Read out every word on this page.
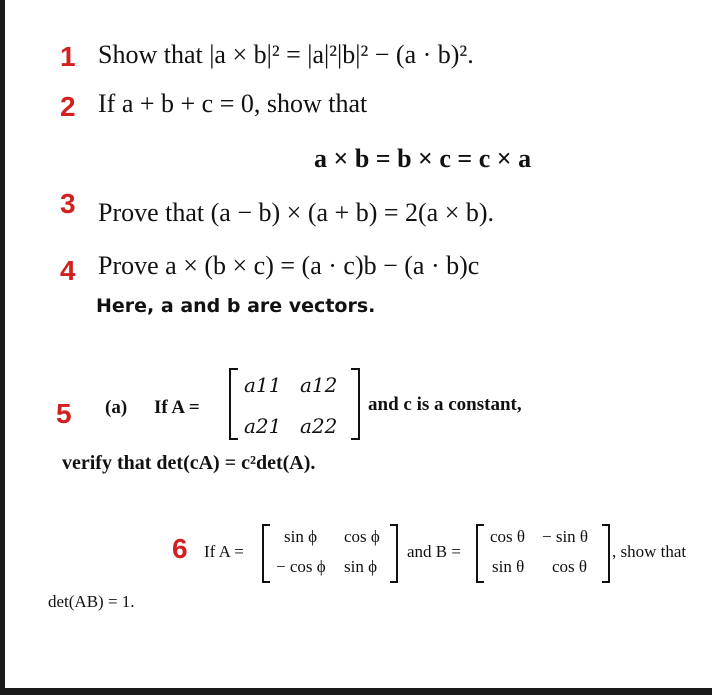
1 Show that |a × b|² = |a|²|b|² − (a · b)².
2 If a + b + c = 0, show that
a × b = b × c = c × a
3 Prove that (a − b) × (a + b) = 2(a × b).
4 Prove a × (b × c) = (a · c)b − (a · b)c
Here, a and b are vectors.
5 (a) If A =
a11 a12
a21 a22
and c is a constant,
verify that det(cA) = c²det(A).
6 If A =
sin ϕ cos ϕ
− cos ϕ sin ϕ
and B =
cos θ − sin θ
sin θ cos θ
, show that
det(AB) = 1.
